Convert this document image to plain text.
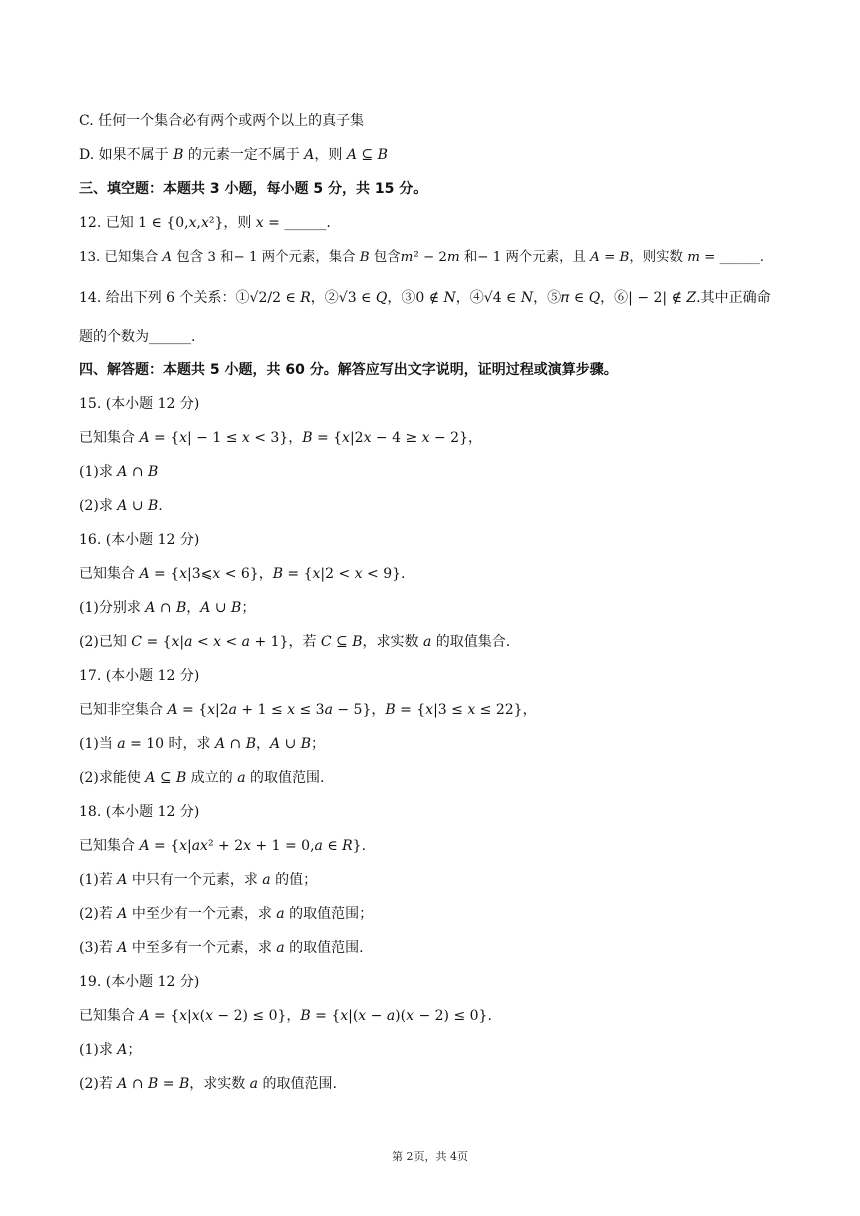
C. 任何一个集合必有两个或两个以上的真子集
D. 如果不属于 𝐵 的元素一定不属于 𝐴，则 𝐴 ⊆ 𝐵
三、填空题：本题共 3 小题，每小题 5 分，共 15 分。
12. 已知 1 ∈ {0,𝑥,𝑥²}，则 𝑥 = ______.
13. 已知集合 𝐴 包含 3 和− 1 两个元素，集合 𝐵 包含𝑚² − 2𝑚 和− 1 两个元素，且 𝐴 = 𝐵，则实数 𝑚 = ______.
14. 给出下列 6 个关系：①√2/2 ∈ 𝑅，②√3 ∈ 𝑄，③0 ∉ 𝑁，④√4 ∈ 𝑁，⑤𝜋 ∈ 𝑄，⑥| − 2| ∉ 𝑍.其中正确命
题的个数为______.
四、解答题：本题共 5 小题，共 60 分。解答应写出文字说明，证明过程或演算步骤。
15. (本小题 12 分)
已知集合 𝐴 = {𝑥| − 1 ≤ 𝑥 < 3}，𝐵 = {𝑥|2𝑥 − 4 ≥ 𝑥 − 2}，
(1)求 𝐴 ∩ 𝐵
(2)求 𝐴 ∪ 𝐵.
16. (本小题 12 分)
已知集合 𝐴 = {𝑥|3⩽𝑥 < 6}，𝐵 = {𝑥|2 < 𝑥 < 9}.
(1)分别求 𝐴 ∩ 𝐵，𝐴 ∪ 𝐵；
(2)已知 𝐶 = {𝑥|𝑎 < 𝑥 < 𝑎 + 1}，若 𝐶 ⊆ 𝐵，求实数 𝑎 的取值集合.
17. (本小题 12 分)
已知非空集合 𝐴 = {𝑥|2𝑎 + 1 ≤ 𝑥 ≤ 3𝑎 − 5}，𝐵 = {𝑥|3 ≤ 𝑥 ≤ 22}，
(1)当 𝑎 = 10 时，求 𝐴 ∩ 𝐵，𝐴 ∪ 𝐵；
(2)求能使 𝐴 ⊆ 𝐵 成立的 𝑎 的取值范围.
18. (本小题 12 分)
已知集合 𝐴 = {𝑥|𝑎𝑥² + 2𝑥 + 1 = 0,𝑎 ∈ 𝑅}.
(1)若 𝐴 中只有一个元素，求 𝑎 的值；
(2)若 𝐴 中至少有一个元素，求 𝑎 的取值范围；
(3)若 𝐴 中至多有一个元素，求 𝑎 的取值范围.
19. (本小题 12 分)
已知集合 𝐴 = {𝑥|𝑥(𝑥 − 2) ≤ 0}，𝐵 = {𝑥|(𝑥 − 𝑎)(𝑥 − 2) ≤ 0}.
(1)求 𝐴；
(2)若 𝐴 ∩ 𝐵 = 𝐵，求实数 𝑎 的取值范围.
第 2页，共 4页
